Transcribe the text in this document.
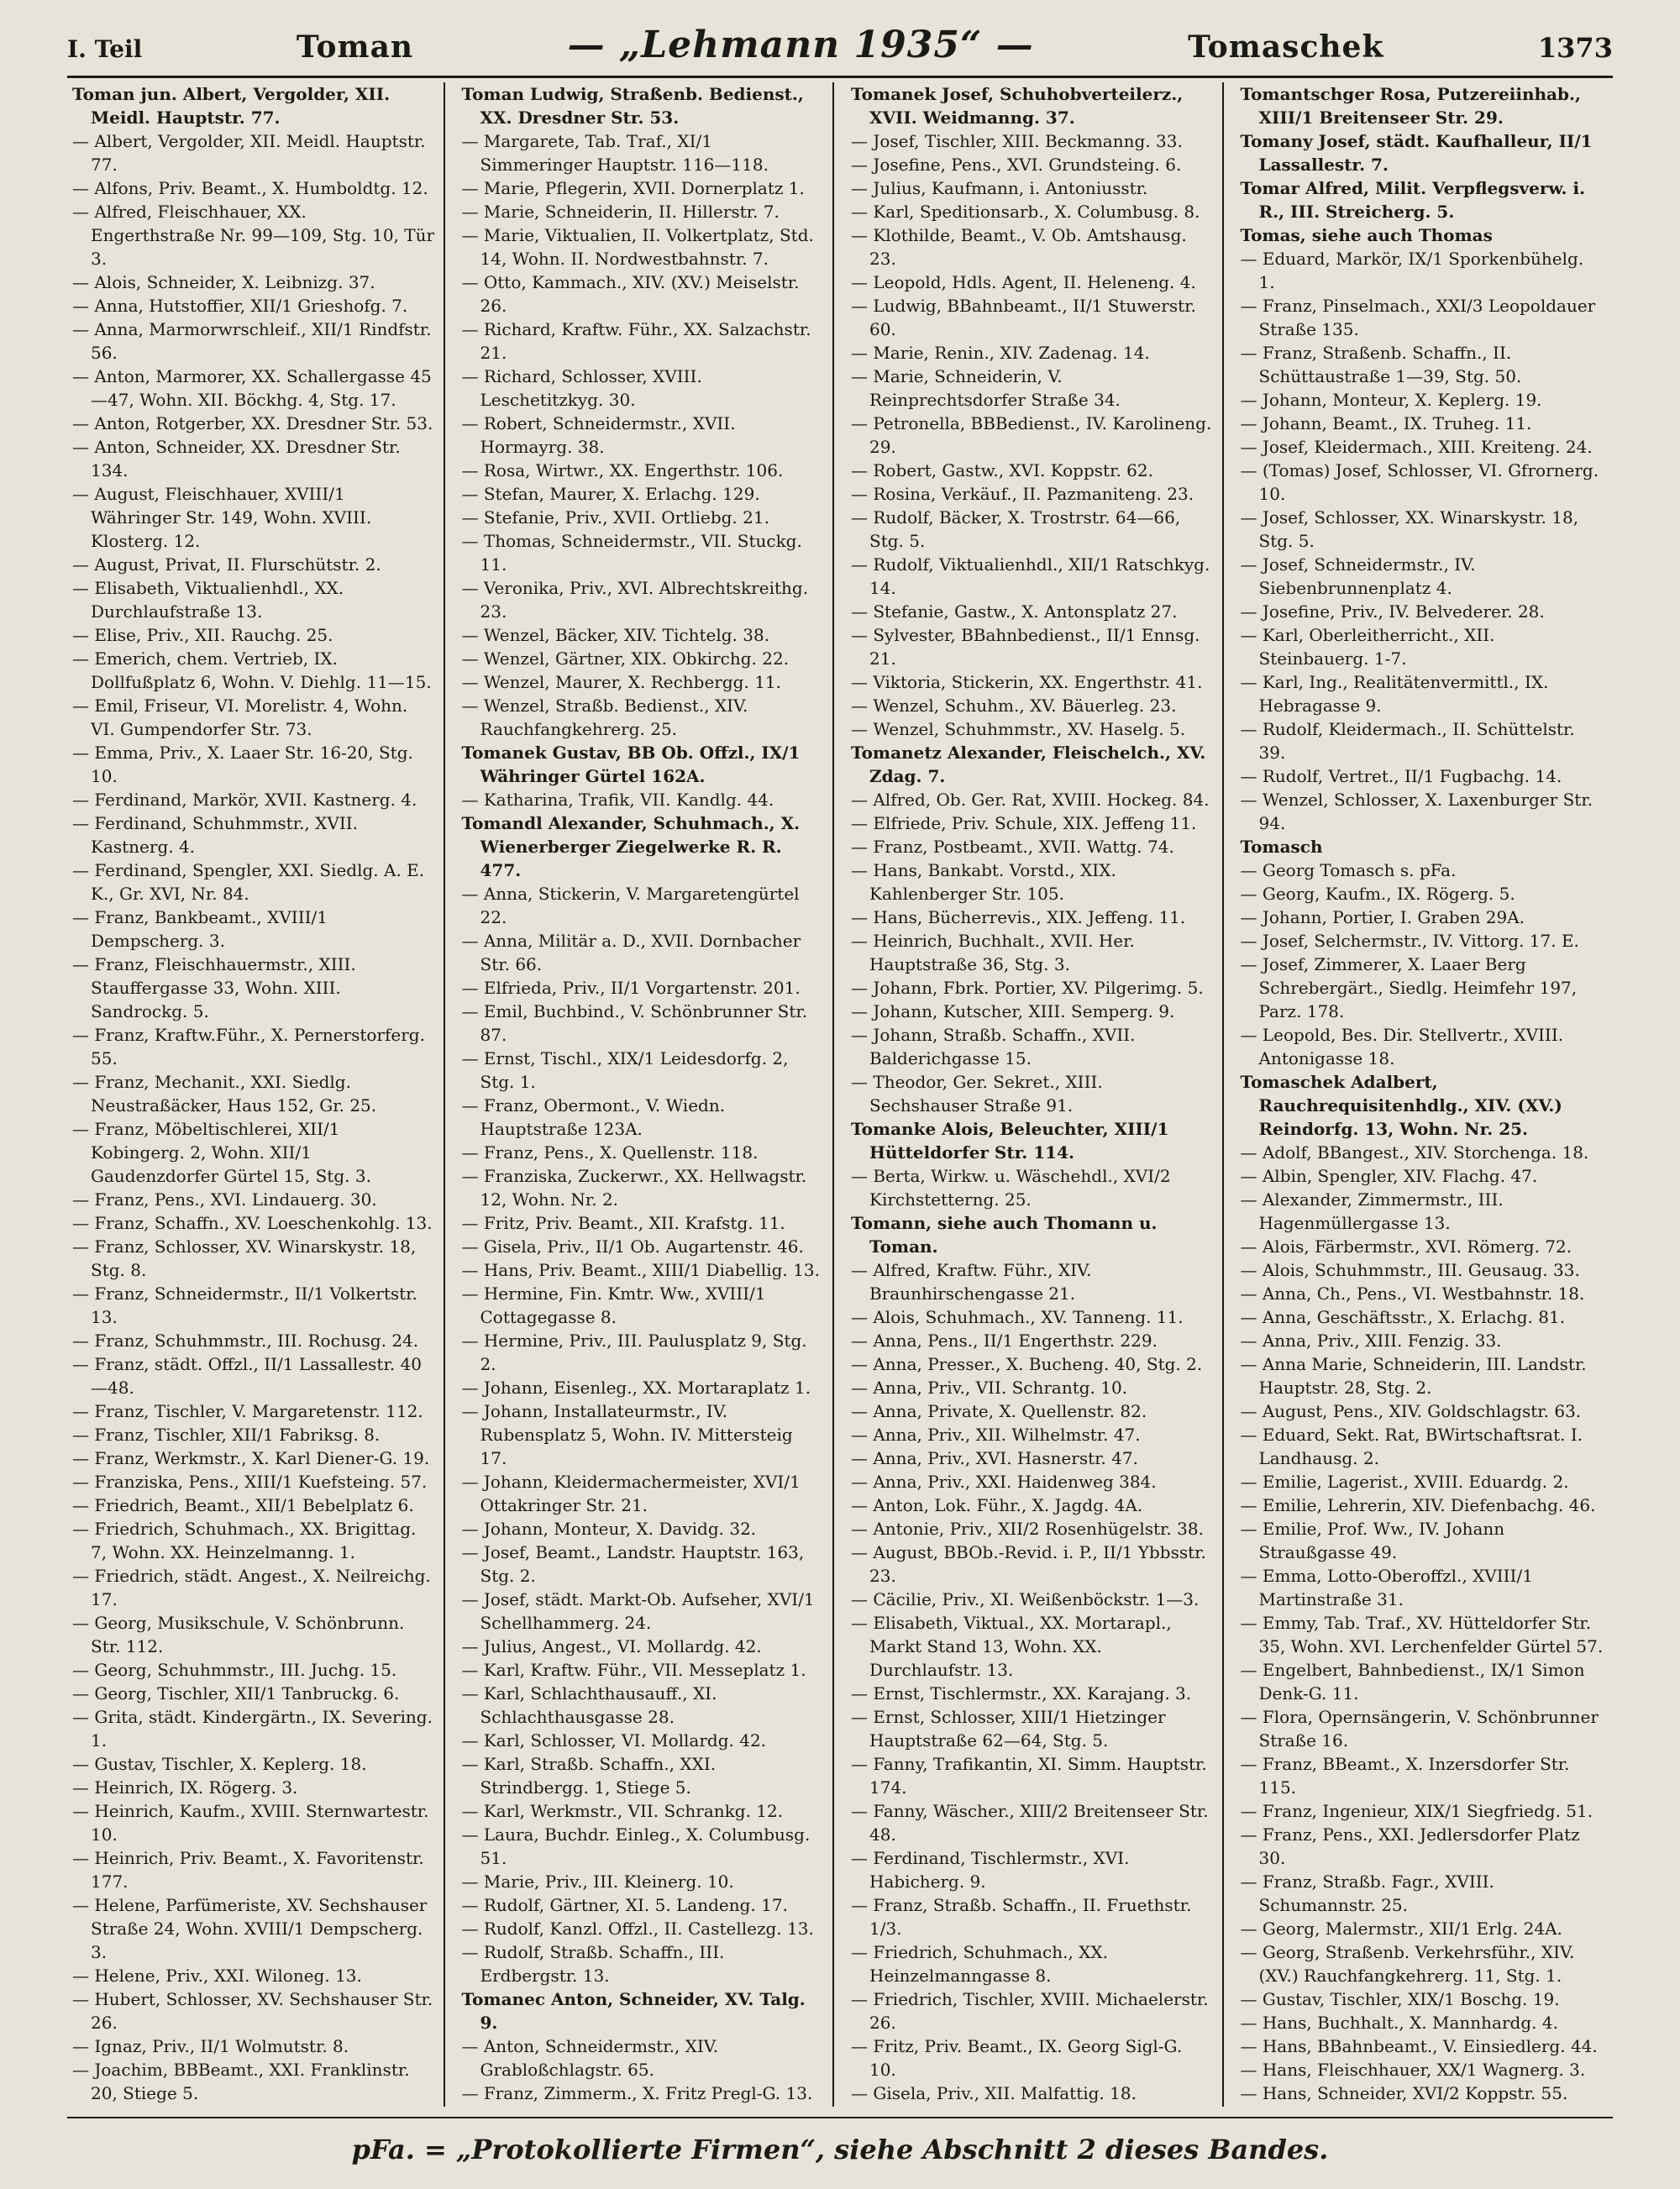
I. Teil	Toman	— „Lehmann 1935“ —	Tomaschek	1373

Toman jun. Albert, Vergolder, XII. Meidl. Hauptstr. 77.

— Albert, Vergolder, XII. Meidl. Hauptstr. 77.

— Alfons, Priv. Beamt., X. Humboldtg. 12.

— Alfred, Fleischhauer, XX. Engerthstraße Nr. 99—109, Stg. 10, Tür 3.

— Alois, Schneider, X. Leibnizg. 37.

— Anna, Hutstoffier, XII/1 Grieshofg. 7.

— Anna, Marmorwrschleif., XII/1 Rindfstr. 56.

— Anton, Marmorer, XX. Schallergasse 45—47, Wohn. XII. Böckhg. 4, Stg. 17.

— Anton, Rotgerber, XX. Dresdner Str. 53.

— Anton, Schneider, XX. Dresdner Str. 134.

— August, Fleischhauer, XVIII/1 Währinger Str. 149, Wohn. XVIII. Klosterg. 12.

— August, Privat, II. Flurschütstr. 2.

— Elisabeth, Viktualienhdl., XX. Durchlaufstraße 13.

— Elise, Priv., XII. Rauchg. 25.

— Emerich, chem. Vertrieb, IX. Dollfußplatz 6, Wohn. V. Diehlg. 11—15.

— Emil, Friseur, VI. Morelistr. 4, Wohn. VI. Gumpendorfer Str. 73.

— Emma, Priv., X. Laaer Str. 16-20, Stg. 10.

— Ferdinand, Markör, XVII. Kastnerg. 4.

— Ferdinand, Schuhmmstr., XVII. Kastnerg. 4.

— Ferdinand, Spengler, XXI. Siedlg. A. E. K., Gr. XVI, Nr. 84.

— Franz, Bankbeamt., XVIII/1 Dempscherg. 3.

— Franz, Fleischhauermstr., XIII. Stauffergasse 33, Wohn. XIII. Sandrockg. 5.

— Franz, Kraftw.Führ., X. Pernerstorferg. 55.

— Franz, Mechanit., XXI. Siedlg. Neustraßäcker, Haus 152, Gr. 25.

— Franz, Möbeltischlerei, XII/1 Kobingerg. 2, Wohn. XII/1 Gaudenzdorfer Gürtel 15, Stg. 3.

— Franz, Pens., XVI. Lindauerg. 30.

— Franz, Schaffn., XV. Loeschenkohlg. 13.

— Franz, Schlosser, XV. Winarskystr. 18, Stg. 8.

— Franz, Schneidermstr., II/1 Volkertstr. 13.

— Franz, Schuhmmstr., III. Rochusg. 24.

— Franz, städt. Offzl., II/1 Lassallestr. 40—48.

— Franz, Tischler, V. Margaretenstr. 112.

— Franz, Tischler, XII/1 Fabriksg. 8.

— Franz, Werkmstr., X. Karl Diener-G. 19.

— Franziska, Pens., XIII/1 Kuefsteing. 57.

— Friedrich, Beamt., XII/1 Bebelplatz 6.

— Friedrich, Schuhmach., XX. Brigittag. 7, Wohn. XX. Heinzelmanng. 1.

— Friedrich, städt. Angest., X. Neilreichg. 17.

— Georg, Musikschule, V. Schönbrunn. Str. 112.

— Georg, Schuhmmstr., III. Juchg. 15.

— Georg, Tischler, XII/1 Tanbruckg. 6.

— Grita, städt. Kindergärtn., IX. Severing. 1.

— Gustav, Tischler, X. Keplerg. 18.

— Heinrich, IX. Rögerg. 3.

— Heinrich, Kaufm., XVIII. Sternwartestr. 10.

— Heinrich, Priv. Beamt., X. Favoritenstr. 177.

— Helene, Parfümeriste, XV. Sechshauser Straße 24, Wohn. XVIII/1 Dempscherg. 3.

— Helene, Priv., XXI. Wiloneg. 13.

— Hubert, Schlosser, XV. Sechshauser Str. 26.

— Ignaz, Priv., II/1 Wolmutstr. 8.

— Joachim, BBBeamt., XXI. Franklinstr. 20, Stiege 5.

Toman Ludwig, Straßenb. Bedienst., XX. Dresdner Str. 53.

— Margarete, Tab. Traf., XI/1 Simmeringer Hauptstr. 116—118.

— Marie, Pflegerin, XVII. Dornerplatz 1.

— Marie, Schneiderin, II. Hillerstr. 7.

— Marie, Viktualien, II. Volkertplatz, Std. 14, Wohn. II. Nordwestbahnstr. 7.

— Otto, Kammach., XIV. (XV.) Meiselstr. 26.

— Richard, Kraftw. Führ., XX. Salzachstr. 21.

— Richard, Schlosser, XVIII. Leschetitzkyg. 30.

— Robert, Schneidermstr., XVII. Hormayrg. 38.

— Rosa, Wirtwr., XX. Engerthstr. 106.

— Stefan, Maurer, X. Erlachg. 129.

— Stefanie, Priv., XVII. Ortliebg. 21.

— Thomas, Schneidermstr., VII. Stuckg. 11.

— Veronika, Priv., XVI. Albrechtskreithg. 23.

— Wenzel, Bäcker, XIV. Tichtelg. 38.

— Wenzel, Gärtner, XIX. Obkirchg. 22.

— Wenzel, Maurer, X. Rechbergg. 11.

— Wenzel, Straßb. Bedienst., XIV. Rauchfangkehrerg. 25.

Tomanek Gustav, BB Ob. Offzl., IX/1 Währinger Gürtel 162A.

— Katharina, Trafik, VII. Kandlg. 44.

Tomandl Alexander, Schuhmach., X. Wienerberger Ziegelwerke R. R. 477.

— Anna, Stickerin, V. Margaretengürtel 22.

— Anna, Militär a. D., XVII. Dornbacher Str. 66.

— Elfrieda, Priv., II/1 Vorgartenstr. 201.

— Emil, Buchbind., V. Schönbrunner Str. 87.

— Ernst, Tischl., XIX/1 Leidesdorfg. 2, Stg. 1.

— Franz, Obermont., V. Wiedn. Hauptstraße 123A.

— Franz, Pens., X. Quellenstr. 118.

— Franziska, Zuckerwr., XX. Hellwagstr. 12, Wohn. Nr. 2.

— Fritz, Priv. Beamt., XII. Krafstg. 11.

— Gisela, Priv., II/1 Ob. Augartenstr. 46.

— Hans, Priv. Beamt., XIII/1 Diabellig. 13.

— Hermine, Fin. Kmtr. Ww., XVIII/1 Cottagegasse 8.

— Hermine, Priv., III. Paulusplatz 9, Stg. 2.

— Johann, Eisenleg., XX. Mortaraplatz 1.

— Johann, Installateurmstr., IV. Rubensplatz 5, Wohn. IV. Mittersteig 17.

— Johann, Kleidermachermeister, XVI/1 Ottakringer Str. 21.

— Johann, Monteur, X. Davidg. 32.

— Josef, Beamt., Landstr. Hauptstr. 163, Stg. 2.

— Josef, städt. Markt-Ob. Aufseher, XVI/1 Schellhammerg. 24.

— Julius, Angest., VI. Mollardg. 42.

— Karl, Kraftw. Führ., VII. Messeplatz 1.

— Karl, Schlachthausauff., XI. Schlachthausgasse 28.

— Karl, Schlosser, VI. Mollardg. 42.

— Karl, Straßb. Schaffn., XXI. Strindbergg. 1, Stiege 5.

— Karl, Werkmstr., VII. Schrankg. 12.

— Laura, Buchdr. Einleg., X. Columbusg. 51.

— Marie, Priv., III. Kleinerg. 10.

— Rudolf, Gärtner, XI. 5. Landeng. 17.

— Rudolf, Kanzl. Offzl., II. Castellezg. 13.

— Rudolf, Straßb. Schaffn., III. Erdbergstr. 13.

Tomanec Anton, Schneider, XV. Talg. 9.

— Anton, Schneidermstr., XIV. Grabloßchlagstr. 65.

— Franz, Zimmerm., X. Fritz Pregl-G. 13.

Tomanek Josef, Schuhobverteilerz., XVII. Weidmanng. 37.

— Josef, Tischler, XIII. Beckmanng. 33.

— Josefine, Pens., XVI. Grundsteing. 6.

— Julius, Kaufmann, i. Antoniusstr.

— Karl, Speditionsarb., X. Columbusg. 8.

— Klothilde, Beamt., V. Ob. Amtshausg. 23.

— Leopold, Hdls. Agent, II. Heleneng. 4.

— Ludwig, BBahnbeamt., II/1 Stuwerstr. 60.

— Marie, Renin., XIV. Zadenag. 14.

— Marie, Schneiderin, V. Reinprechtsdorfer Straße 34.

— Petronella, BBBedienst., IV. Karolineng. 29.

— Robert, Gastw., XVI. Koppstr. 62.

— Rosina, Verkäuf., II. Pazmaniteng. 23.

— Rudolf, Bäcker, X. Trostrstr. 64—66, Stg. 5.

— Rudolf, Viktualienhdl., XII/1 Ratschkyg. 14.

— Stefanie, Gastw., X. Antonsplatz 27.

— Sylvester, BBahnbedienst., II/1 Ennsg. 21.

— Viktoria, Stickerin, XX. Engerthstr. 41.

— Wenzel, Schuhm., XV. Bäuerleg. 23.

— Wenzel, Schuhmmstr., XV. Haselg. 5.

Tomanetz Alexander, Fleischelch., XV. Zdag. 7.

— Alfred, Ob. Ger. Rat, XVIII. Hockeg. 84.

— Elfriede, Priv. Schule, XIX. Jeffeng 11.

— Franz, Postbeamt., XVII. Wattg. 74.

— Hans, Bankabt. Vorstd., XIX. Kahlenberger Str. 105.

— Hans, Bücherrevis., XIX. Jeffeng. 11.

— Heinrich, Buchhalt., XVII. Her. Hauptstraße 36, Stg. 3.

— Johann, Fbrk. Portier, XV. Pilgerimg. 5.

— Johann, Kutscher, XIII. Semperg. 9.

— Johann, Straßb. Schaffn., XVII. Balderichgasse 15.

— Theodor, Ger. Sekret., XIII. Sechshauser Straße 91.

Tomanke Alois, Beleuchter, XIII/1 Hütteldorfer Str. 114.

— Berta, Wirkw. u. Wäschehdl., XVI/2 Kirchstetterng. 25.

Tomann, siehe auch Thomann u. Toman.

— Alfred, Kraftw. Führ., XIV. Braunhirschengasse 21.

— Alois, Schuhmach., XV. Tanneng. 11.

— Anna, Pens., II/1 Engerthstr. 229.

— Anna, Presser., X. Bucheng. 40, Stg. 2.

— Anna, Priv., VII. Schrantg. 10.

— Anna, Private, X. Quellenstr. 82.

— Anna, Priv., XII. Wilhelmstr. 47.

— Anna, Priv., XVI. Hasnerstr. 47.

— Anna, Priv., XXI. Haidenweg 384.

— Anton, Lok. Führ., X. Jagdg. 4A.

— Antonie, Priv., XII/2 Rosenhügelstr. 38.

— August, BBOb.-Revid. i. P., II/1 Ybbsstr. 23.

— Cäcilie, Priv., XI. Weißenböckstr. 1—3.

— Elisabeth, Viktual., XX. Mortarapl., Markt Stand 13, Wohn. XX. Durchlaufstr. 13.

— Ernst, Tischlermstr., XX. Karajang. 3.

— Ernst, Schlosser, XIII/1 Hietzinger Hauptstraße 62—64, Stg. 5.

— Fanny, Trafikantin, XI. Simm. Hauptstr. 174.

— Fanny, Wäscher., XIII/2 Breitenseer Str. 48.

— Ferdinand, Tischlermstr., XVI. Habicherg. 9.

— Franz, Straßb. Schaffn., II. Fruethstr. 1/3.

— Friedrich, Schuhmach., XX. Heinzelmanngasse 8.

— Friedrich, Tischler, XVIII. Michaelerstr. 26.

— Fritz, Priv. Beamt., IX. Georg Sigl-G. 10.

— Gisela, Priv., XII. Malfattig. 18.

Tomantschger Rosa, Putzereiinhab., XIII/1 Breitenseer Str. 29.

Tomany Josef, städt. Kaufhalleur, II/1 Lassallestr. 7.

Tomar Alfred, Milit. Verpflegsverw. i. R., III. Streicherg. 5.

Tomas, siehe auch Thomas

— Eduard, Markör, IX/1 Sporkenbühelg. 1.

— Franz, Pinselmach., XXI/3 Leopoldauer Straße 135.

— Franz, Straßenb. Schaffn., II. Schüttaustraße 1—39, Stg. 50.

— Johann, Monteur, X. Keplerg. 19.

— Johann, Beamt., IX. Truheg. 11.

— Josef, Kleidermach., XIII. Kreiteng. 24.

— (Tomas) Josef, Schlosser, VI. Gfrornerg. 10.

— Josef, Schlosser, XX. Winarskystr. 18, Stg. 5.

— Josef, Schneidermstr., IV. Siebenbrunnenplatz 4.

— Josefine, Priv., IV. Belvederer. 28.

— Karl, Oberleitherricht., XII. Steinbauerg. 1-7.

— Karl, Ing., Realitätenvermittl., IX. Hebragasse 9.

— Rudolf, Kleidermach., II. Schüttelstr. 39.

— Rudolf, Vertret., II/1 Fugbachg. 14.

— Wenzel, Schlosser, X. Laxenburger Str. 94.

Tomasch

— Georg Tomasch s. pFa.

— Georg, Kaufm., IX. Rögerg. 5.

— Johann, Portier, I. Graben 29A.

— Josef, Selchermstr., IV. Vittorg. 17. E.

— Josef, Zimmerer, X. Laaer Berg Schrebergärt., Siedlg. Heimfehr 197, Parz. 178.

— Leopold, Bes. Dir. Stellvertr., XVIII. Antonigasse 18.

Tomaschek Adalbert, Rauchrequisitenhdlg., XIV. (XV.) Reindorfg. 13, Wohn. Nr. 25.

— Adolf, BBangest., XIV. Storchenga. 18.

— Albin, Spengler, XIV. Flachg. 47.

— Alexander, Zimmermstr., III. Hagenmüllergasse 13.

— Alois, Färbermstr., XVI. Römerg. 72.

— Alois, Schuhmmstr., III. Geusaug. 33.

— Anna, Ch., Pens., VI. Westbahnstr. 18.

— Anna, Geschäftsstr., X. Erlachg. 81.

— Anna, Priv., XIII. Fenzig. 33.

— Anna Marie, Schneiderin, III. Landstr. Hauptstr. 28, Stg. 2.

— August, Pens., XIV. Goldschlagstr. 63.

— Eduard, Sekt. Rat, BWirtschaftsrat. I. Landhausg. 2.

— Emilie, Lagerist., XVIII. Eduardg. 2.

— Emilie, Lehrerin, XIV. Diefenbachg. 46.

— Emilie, Prof. Ww., IV. Johann Straußgasse 49.

— Emma, Lotto-Oberoffzl., XVIII/1 Martinstraße 31.

— Emmy, Tab. Traf., XV. Hütteldorfer Str. 35, Wohn. XVI. Lerchenfelder Gürtel 57.

— Engelbert, Bahnbedienst., IX/1 Simon Denk-G. 11.

— Flora, Opernsängerin, V. Schönbrunner Straße 16.

— Franz, BBeamt., X. Inzersdorfer Str. 115.

— Franz, Ingenieur, XIX/1 Siegfriedg. 51.

— Franz, Pens., XXI. Jedlersdorfer Platz 30.

— Franz, Straßb. Fagr., XVIII. Schumannstr. 25.

— Georg, Malermstr., XII/1 Erlg. 24A.

— Georg, Straßenb. Verkehrsführ., XIV. (XV.) Rauchfangkehrerg. 11, Stg. 1.

— Gustav, Tischler, XIX/1 Boschg. 19.

— Hans, Buchhalt., X. Mannhardg. 4.

— Hans, BBahnbeamt., V. Einsiedlerg. 44.

— Hans, Fleischhauer, XX/1 Wagnerg. 3.

— Hans, Schneider, XVI/2 Koppstr. 55.

pFa. = „Protokollierte Firmen“, siehe Abschnitt 2 dieses Bandes.
